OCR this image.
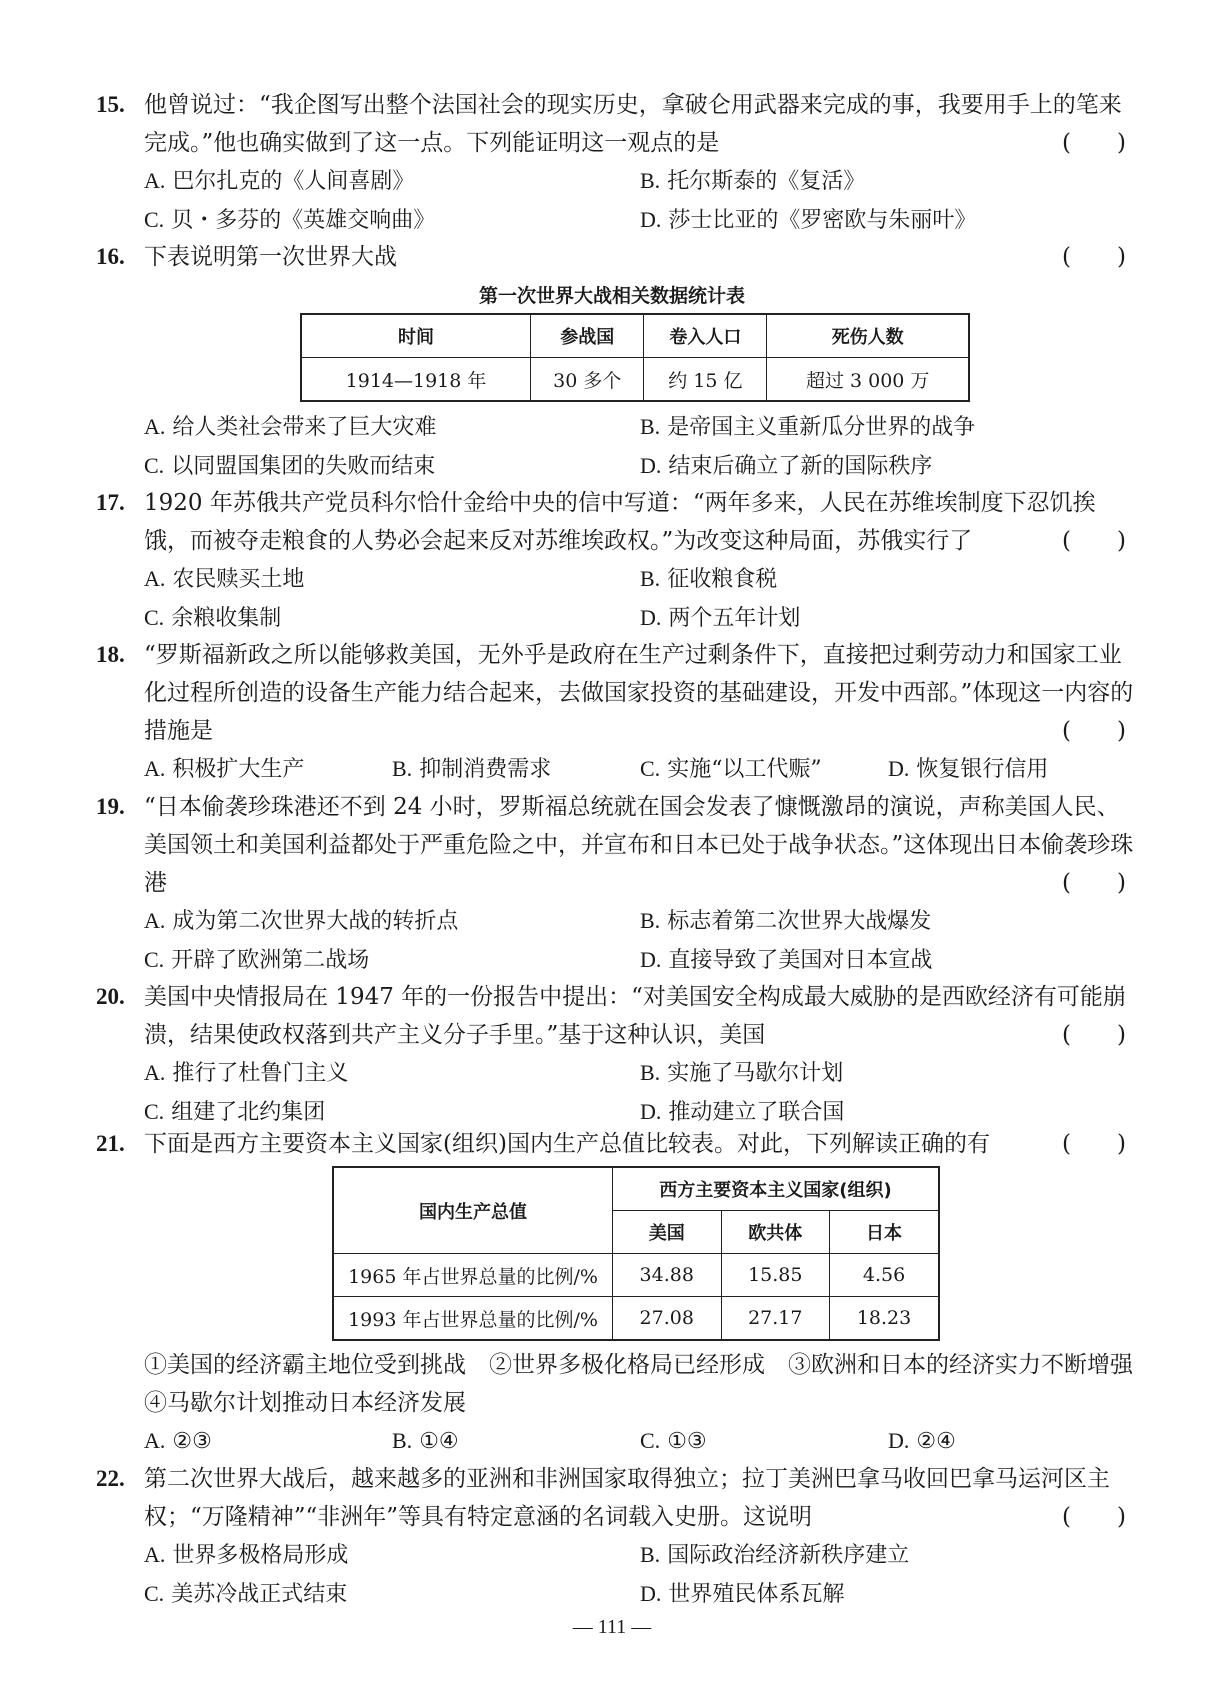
15. 他曾说过：“我企图写出整个法国社会的现实历史，拿破仑用武器来完成的事，我要用手上的笔来完成。”他也确实做到了这一点。下列能证明这一观点的是	(　　)
A. 巴尔扎克的《人间喜剧》	B. 托尔斯泰的《复活》
C. 贝・多芬的《英雄交响曲》	D. 莎士比亚的《罗密欧与朱丽叶》
16. 下表说明第一次世界大战	(　　)
第一次世界大战相关数据统计表
时间	参战国	卷入人口	死伤人数
1914—1918 年	30 多个	约 15 亿	超过 3 000 万
A. 给人类社会带来了巨大灾难	B. 是帝国主义重新瓜分世界的战争
C. 以同盟国集团的失败而结束	D. 结束后确立了新的国际秩序
17. 1920 年苏俄共产党员科尔恰什金给中央的信中写道：“两年多来，人民在苏维埃制度下忍饥挨饿，而被夺走粮食的人势必会起来反对苏维埃政权。”为改变这种局面，苏俄实行了	(　　)
A. 农民赎买土地	B. 征收粮食税
C. 余粮收集制	D. 两个五年计划
18. “罗斯福新政之所以能够救美国，无外乎是政府在生产过剩条件下，直接把过剩劳动力和国家工业化过程所创造的设备生产能力结合起来，去做国家投资的基础建设，开发中西部。”体现这一内容的措施是	(　　)
A. 积极扩大生产	B. 抑制消费需求	C. 实施“以工代赈”	D. 恢复银行信用
19. “日本偷袭珍珠港还不到 24 小时，罗斯福总统就在国会发表了慷慨激昂的演说，声称美国人民、美国领土和美国利益都处于严重危险之中，并宣布和日本已处于战争状态。”这体现出日本偷袭珍珠港	(　　)
A. 成为第二次世界大战的转折点	B. 标志着第二次世界大战爆发
C. 开辟了欧洲第二战场	D. 直接导致了美国对日本宣战
20. 美国中央情报局在 1947 年的一份报告中提出：“对美国安全构成最大威胁的是西欧经济有可能崩溃，结果使政权落到共产主义分子手里。”基于这种认识，美国	(　　)
A. 推行了杜鲁门主义	B. 实施了马歇尔计划
C. 组建了北约集团	D. 推动建立了联合国
21. 下面是西方主要资本主义国家(组织)国内生产总值比较表。对此，下列解读正确的有	(　　)
国内生产总值	西方主要资本主义国家(组织)		
	美国	欧共体	日本
1965 年占世界总量的比例/%	34.88	15.85	4.56
1993 年占世界总量的比例/%	27.08	27.17	18.23
①美国的经济霸主地位受到挑战　②世界多极化格局已经形成　③欧洲和日本的经济实力不断增强　④马歇尔计划推动日本经济发展
A. ②③	B. ①④	C. ①③	D. ②④
22. 第二次世界大战后，越来越多的亚洲和非洲国家取得独立；拉丁美洲巴拿马收回巴拿马运河区主权；“万隆精神”“非洲年”等具有特定意涵的名词载入史册。这说明	(　　)
A. 世界多极格局形成	B. 国际政治经济新秩序建立
C. 美苏冷战正式结束	D. 世界殖民体系瓦解
— 111 —
